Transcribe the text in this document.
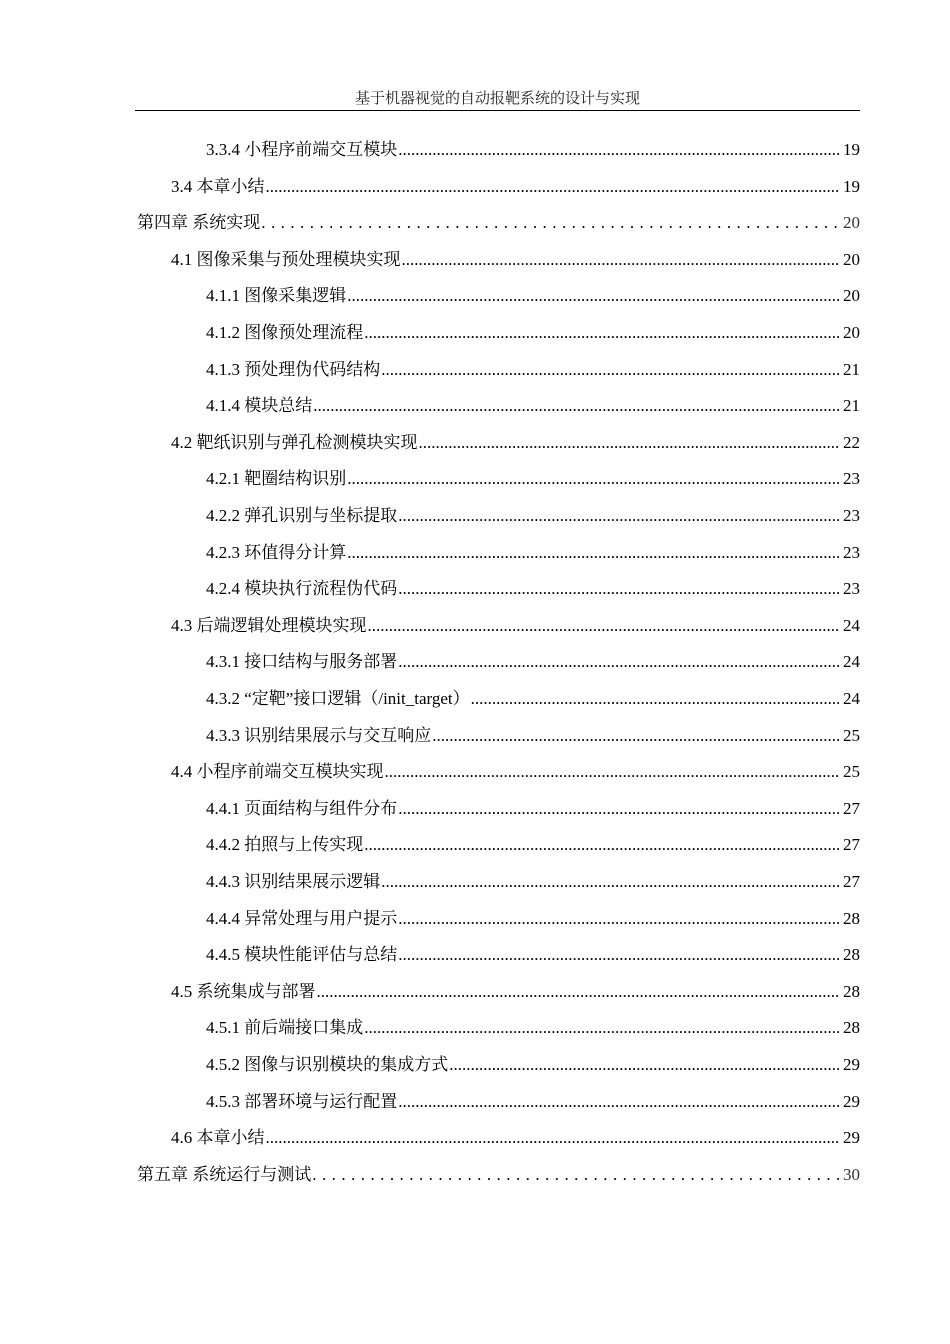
基于机器视觉的自动报靶系统的设计与实现
3.3.4 小程序前端交互模块 .....	19
3.4 本章小结 .....	19
第四章 系统实现 . . .	20
4.1 图像采集与预处理模块实现 .....	20
4.1.1 图像采集逻辑 .....	20
4.1.2 图像预处理流程 .....	20
4.1.3 预处理伪代码结构 .....	21
4.1.4 模块总结 .....	21
4.2 靶纸识别与弹孔检测模块实现 .....	22
4.2.1 靶圈结构识别 .....	23
4.2.2 弹孔识别与坐标提取 .....	23
4.2.3 环值得分计算 .....	23
4.2.4 模块执行流程伪代码 .....	23
4.3 后端逻辑处理模块实现 .....	24
4.3.1 接口结构与服务部署 .....	24
4.3.2 “定靶”接口逻辑（/init_target） .....	24
4.3.3 识别结果展示与交互响应 .....	25
4.4 小程序前端交互模块实现 .....	25
4.4.1 页面结构与组件分布 .....	27
4.4.2 拍照与上传实现 .....	27
4.4.3 识别结果展示逻辑 .....	27
4.4.4 异常处理与用户提示 .....	28
4.4.5 模块性能评估与总结 .....	28
4.5 系统集成与部署 .....	28
4.5.1 前后端接口集成 .....	28
4.5.2 图像与识别模块的集成方式 .....	29
4.5.3 部署环境与运行配置 .....	29
4.6 本章小结 .....	29
第五章 系统运行与测试 . . .	30
